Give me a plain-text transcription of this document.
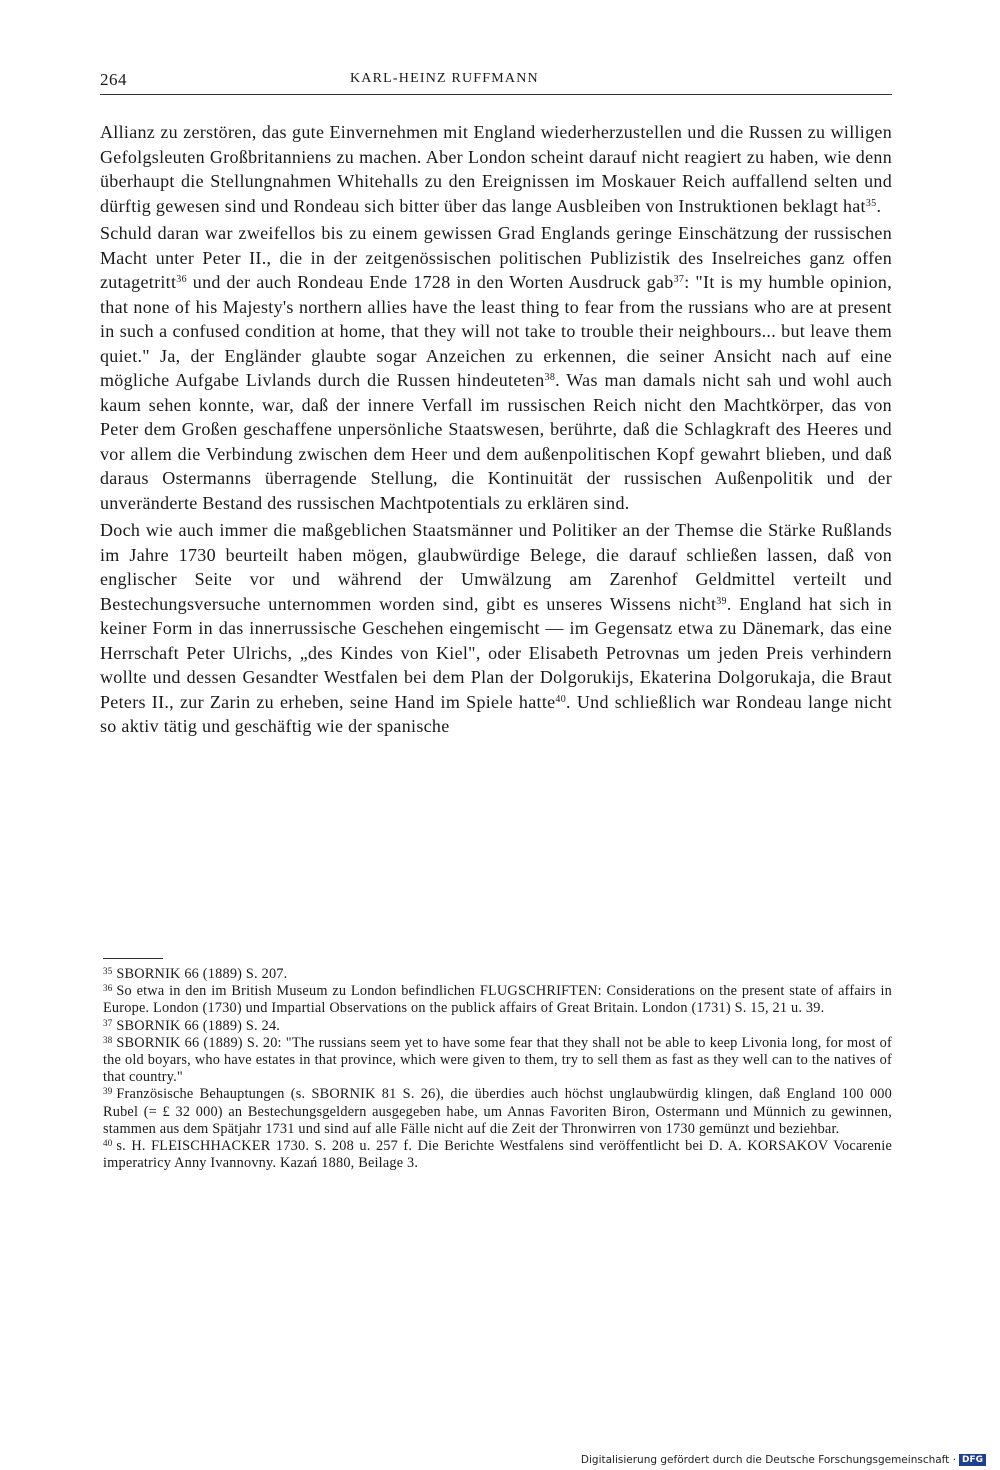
264	KARL-HEINZ RUFFMANN

Allianz zu zerstören, das gute Einvernehmen mit England wiederherzustellen und die Russen zu willigen Gefolgsleuten Großbritanniens zu machen. Aber London scheint darauf nicht reagiert zu haben, wie denn überhaupt die Stellungnahmen Whitehalls zu den Ereignissen im Moskauer Reich auffallend selten und dürftig gewesen sind und Rondeau sich bitter über das lange Ausbleiben von Instruktionen beklagt hat$^{35}$.

Schuld daran war zweifellos bis zu einem gewissen Grad Englands geringe Einschätzung der russischen Macht unter Peter II., die in der zeitgenössischen politischen Publizistik des Inselreiches ganz offen zutagetritt$^{36}$ und der auch Rondeau Ende 1728 in den Worten Ausdruck gab$^{37}$: "It is my humble opinion, that none of his Majesty's northern allies have the least thing to fear from the russians who are at present in such a confused condition at home, that they will not take to trouble their neighbours... but leave them quiet." Ja, der Engländer glaubte sogar Anzeichen zu erkennen, die seiner Ansicht nach auf eine mögliche Aufgabe Livlands durch die Russen hindeuteten$^{38}$. Was man damals nicht sah und wohl auch kaum sehen konnte, war, daß der innere Verfall im russischen Reich nicht den Machtkörper, das von Peter dem Großen geschaffene unpersönliche Staatswesen, berührte, daß die Schlagkraft des Heeres und vor allem die Verbindung zwischen dem Heer und dem außenpolitischen Kopf gewahrt blieben, und daß daraus Ostermanns überragende Stellung, die Kontinuität der russischen Außenpolitik und der unveränderte Bestand des russischen Machtpotentials zu erklären sind.

Doch wie auch immer die maßgeblichen Staatsmänner und Politiker an der Themse die Stärke Rußlands im Jahre 1730 beurteilt haben mögen, glaubwürdige Belege, die darauf schließen lassen, daß von englischer Seite vor und während der Umwälzung am Zarenhof Geldmittel verteilt und Bestechungsversuche unternommen worden sind, gibt es unseres Wissens nicht$^{39}$. England hat sich in keiner Form in das innerrussische Geschehen eingemischt — im Gegensatz etwa zu Dänemark, das eine Herrschaft Peter Ulrichs, „des Kindes von Kiel", oder Elisabeth Petrovnas um jeden Preis verhindern wollte und dessen Gesandter Westfalen bei dem Plan der Dolgorukijs, Ekaterina Dolgorukaja, die Braut Peters II., zur Zarin zu erheben, seine Hand im Spiele hatte$^{40}$. Und schließlich war Rondeau lange nicht so aktiv tätig und geschäftig wie der spanische

$^{35}$ SBORNIK 66 (1889) S. 207.

$^{36}$ So etwa in den im British Museum zu London befindlichen FLUGSCHRIFTEN: Considerations on the present state of affairs in Europe. London (1730) und Impartial Observations on the publick affairs of Great Britain. London (1731) S. 15, 21 u. 39.

$^{37}$ SBORNIK 66 (1889) S. 24.

$^{38}$ SBORNIK 66 (1889) S. 20: "The russians seem yet to have some fear that they shall not be able to keep Livonia long, for most of the old boyars, who have estates in that province, which were given to them, try to sell them as fast as they well can to the natives of that country."

$^{39}$ Französische Behauptungen (s. SBORNIK 81 S. 26), die überdies auch höchst unglaubwürdig klingen, daß England 100 000 Rubel (= £ 32 000) an Bestechungsgeldern ausgegeben habe, um Annas Favoriten Biron, Ostermann und Münnich zu gewinnen, stammen aus dem Spätjahr 1731 und sind auf alle Fälle nicht auf die Zeit der Thronwirren von 1730 gemünzt und beziehbar.

$^{40}$ s. H. FLEISCHHACKER 1730. S. 208 u. 257 f. Die Berichte Westfalens sind veröffentlicht bei D. A. KORSAKOV Vocarenie imperatricy Anny Ivannovny. Kazań 1880, Beilage 3.

Digitalisierung gefördert durch die Deutsche Forschungsgemeinschaft · DFG
